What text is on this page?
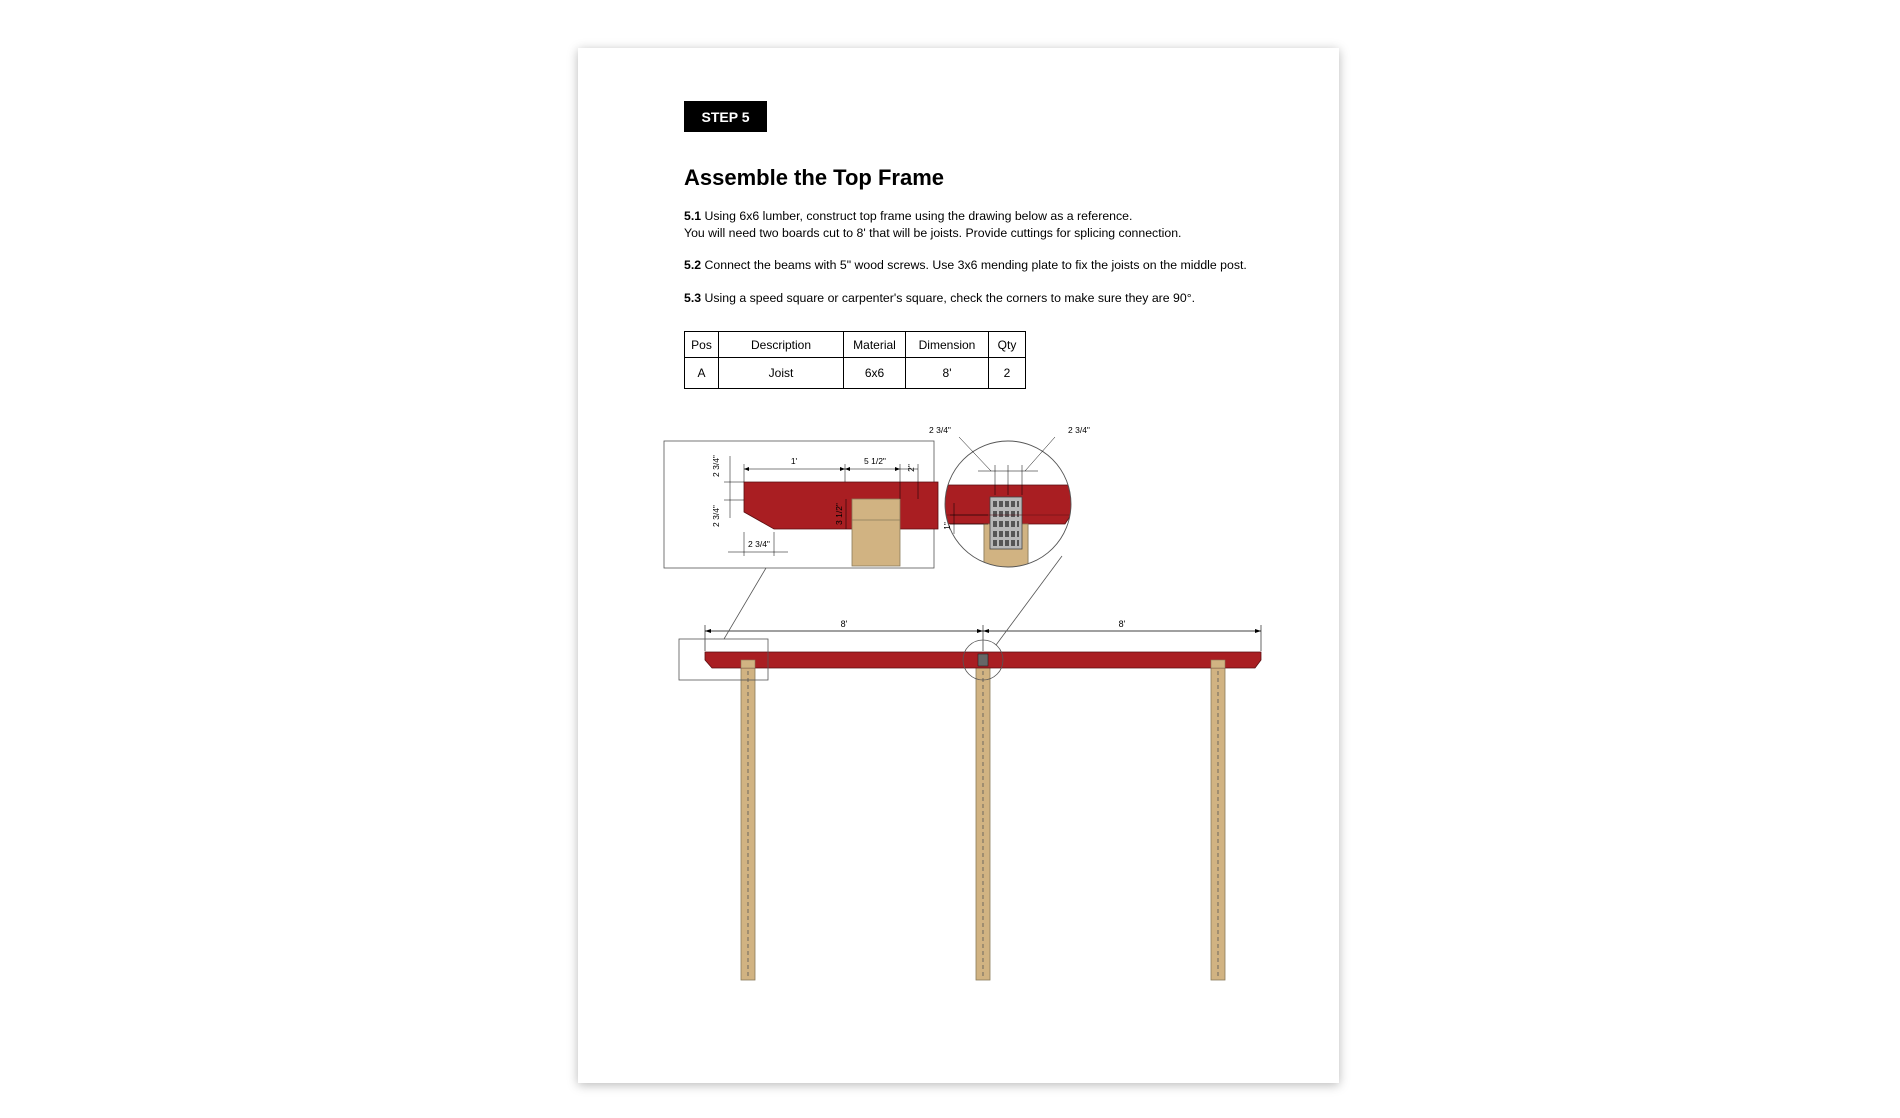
STEP 5
Assemble the Top Frame

5.1 Using 6x6 lumber, construct top frame using the drawing below as a reference.
You will need two boards cut to 8' that will be joists. Provide cuttings for splicing connection.

5.2 Connect the beams with 5" wood screws. Use 3x6 mending plate to fix the joists on the middle post.

5.3 Using a speed square or carpenter's square, check the corners to make sure they are 90°.

Pos	Description	Material	Dimension	Qty
A	Joist	6x6	8'	2
8'	8'
1'	5 1/2"
2"
2 3/4"
2 3/4"	3 1/2"
2 3/4"
2 3/4"	2 3/4"
1"
